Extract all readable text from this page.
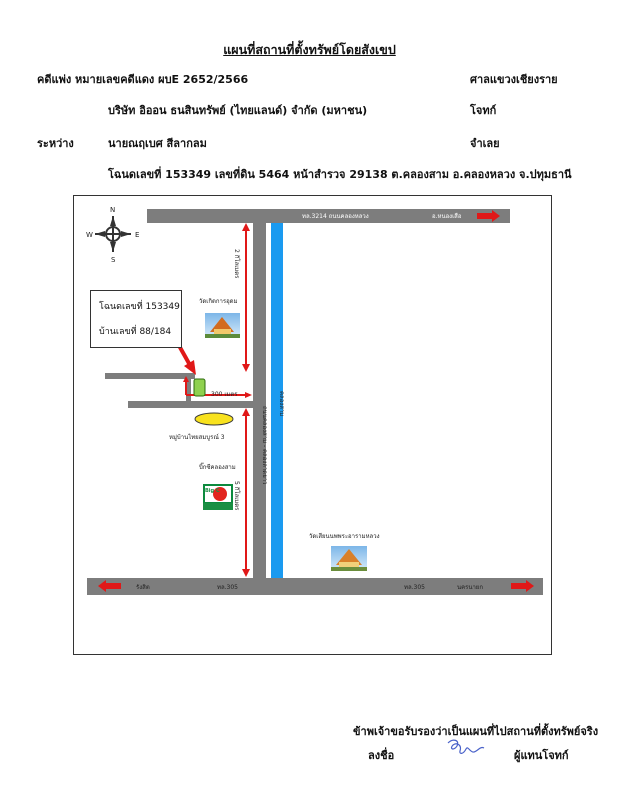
แผนที่สถานที่ตั้งทรัพย์โดยสังเขป
คดีแพ่ง หมายเลขคดีแดง ผบE 2652/2566	ศาลแขวงเชียงราย
บริษัท อิออน ธนสินทรัพย์ (ไทยแลนด์) จำกัด (มหาชน)	โจทก์
ระหว่าง	นายณฤเบศ สีลากลม	จำเลย
โฉนดเลขที่ 153349 เลขที่ดิน 5464 หน้าสำรวจ 29138 ต.คลองสาม อ.คลองหลวง จ.ปทุมธานี
N
S
W	E
ทล.3214 ถนนคลองหลวง	อ.หนองเสือ
ถนนคลองสาม - คลองลาดยาว
คลองสาม
รังสิต	ทล.305	ทล.305	นครนายก
2 กิโลเมตร
5 กิโลเมตร
300 เมตร
หมู่บ้านไทยสมบูรณ์ 3
วัดเกิดการอุดม
บิ๊กซีคลองสาม
Big C
วัดเสียนนพพระอารามหลวง
โฉนดเลขที่ 153349
บ้านเลขที่ 88/184
ข้าพเจ้าขอรับรองว่าเป็นแผนที่ไปสถานที่ตั้งทรัพย์จริง
ลงชื่อ	ผู้แทนโจทก์
